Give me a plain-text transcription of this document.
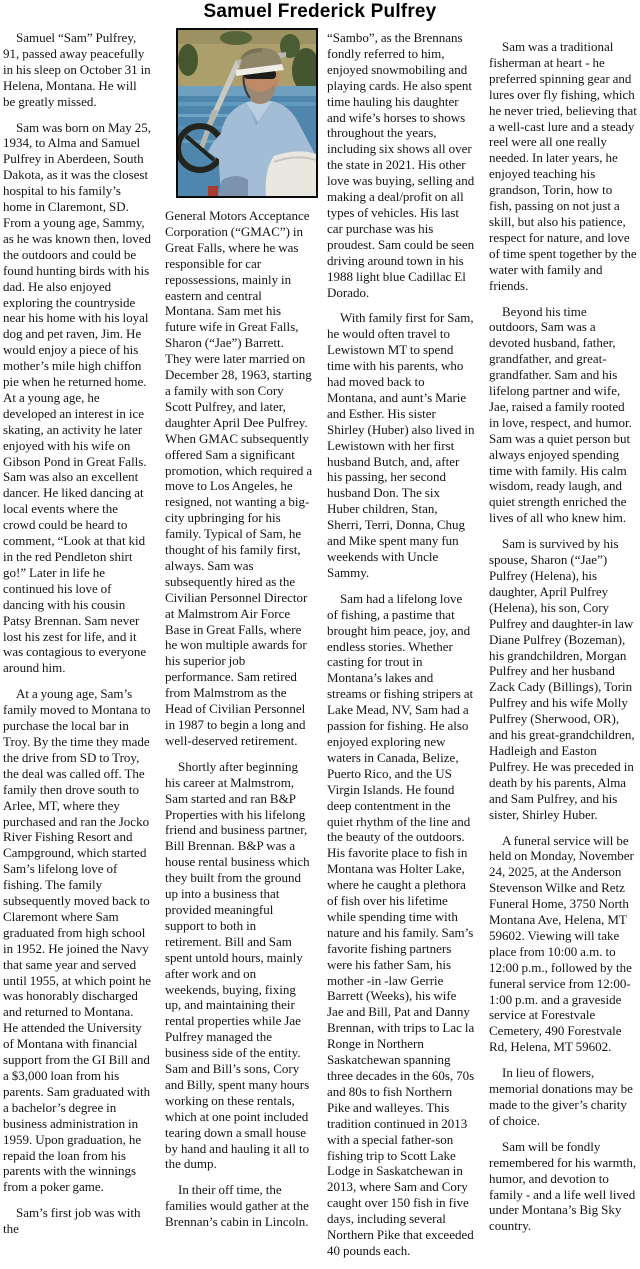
Samuel Frederick Pulfrey

Samuel “Sam” Pulfrey, 91, passed away peacefully in his sleep on October 31 in Helena, Montana. He will be greatly missed.

Sam was born on May 25, 1934, to Alma and Samuel Pulfrey in Aberdeen, South Dakota, as it was the closest hospital to his family’s home in Claremont, SD. From a young age, Sammy, as he was known then, loved the outdoors and could be found hunting birds with his dad. He also enjoyed exploring the countryside near his home with his loyal dog and pet raven, Jim. He would enjoy a piece of his mother’s mile high chiffon pie when he returned home. At a young age, he developed an interest in ice skating, an activity he later enjoyed with his wife on Gibson Pond in Great Falls. Sam was also an excellent dancer. He liked dancing at local events where the crowd could be heard to comment, “Look at that kid in the red Pendleton shirt go!” Later in life he continued his love of dancing with his cousin Patsy Brennan. Sam never lost his zest for life, and it was contagious to everyone around him.

At a young age, Sam’s family moved to Montana to purchase the local bar in Troy. By the time they made the drive from SD to Troy, the deal was called off. The family then drove south to Arlee, MT, where they purchased and ran the Jocko River Fishing Resort and Campground, which started Sam’s lifelong love of fishing. The family subsequently moved back to Claremont where Sam graduated from high school in 1952. He joined the Navy that same year and served until 1955, at which point he was honorably discharged and returned to Montana. He attended the University of Montana with financial support from the GI Bill and a $3,000 loan from his parents. Sam graduated with a bachelor’s degree in business administration in 1959. Upon graduation, he repaid the loan from his parents with the winnings from a poker game.

Sam’s first job was with the

General Motors Acceptance Corporation (“GMAC”) in Great Falls, where he was responsible for car repossessions, mainly in eastern and central Montana. Sam met his future wife in Great Falls, Sharon (“Jae”) Barrett. They were later married on December 28, 1963, starting a family with son Cory Scott Pulfrey, and later, daughter April Dee Pulfrey. When GMAC subsequently offered Sam a significant promotion, which required a move to Los Angeles, he resigned, not wanting a big-city upbringing for his family. Typical of Sam, he thought of his family first, always. Sam was subsequently hired as the Civilian Personnel Director at Malmstrom Air Force Base in Great Falls, where he won multiple awards for his superior job performance. Sam retired from Malmstrom as the Head of Civilian Personnel in 1987 to begin a long and well-deserved retirement.

Shortly after beginning his career at Malmstrom, Sam started and ran B&P Properties with his lifelong friend and business partner, Bill Brennan. B&P was a house rental business which they built from the ground up into a business that provided meaningful support to both in retirement. Bill and Sam spent untold hours, mainly after work and on weekends, buying, fixing up, and maintaining their rental properties while Jae Pulfrey managed the business side of the entity. Sam and Bill’s sons, Cory and Billy, spent many hours working on these rentals, which at one point included tearing down a small house by hand and hauling it all to the dump.

In their off time, the families would gather at the Brennan’s cabin in Lincoln.

“Sambo”, as the Brennans fondly referred to him, enjoyed snowmobiling and playing cards. He also spent time hauling his daughter and wife’s horses to shows throughout the years, including six shows all over the state in 2021. His other love was buying, selling and making a deal/profit on all types of vehicles. His last car purchase was his proudest. Sam could be seen driving around town in his 1988 light blue Cadillac El Dorado.

With family first for Sam, he would often travel to Lewistown MT to spend time with his parents, who had moved back to Montana, and aunt’s Marie and Esther. His sister Shirley (Huber) also lived in Lewistown with her first husband Butch, and, after his passing, her second husband Don. The six Huber children, Stan, Sherri, Terri, Donna, Chug and Mike spent many fun weekends with Uncle Sammy.

Sam had a lifelong love of fishing, a pastime that brought him peace, joy, and endless stories. Whether casting for trout in Montana’s lakes and streams or fishing stripers at Lake Mead, NV, Sam had a passion for fishing. He also enjoyed exploring new waters in Canada, Belize, Puerto Rico, and the US Virgin Islands. He found deep contentment in the quiet rhythm of the line and the beauty of the outdoors. His favorite place to fish in Montana was Holter Lake, where he caught a plethora of fish over his lifetime while spending time with nature and his family. Sam’s favorite fishing partners were his father Sam, his mother -in -law Gerrie Barrett (Weeks), his wife Jae and Bill, Pat and Danny Brennan, with trips to Lac la Ronge in Northern Saskatchewan spanning three decades in the 60s, 70s and 80s to fish Northern Pike and walleyes. This tradition continued in 2013 with a special father-son fishing trip to Scott Lake Lodge in Saskatchewan in 2013, where Sam and Cory caught over 150 fish in five days, including several Northern Pike that exceeded 40 pounds each.

Sam was a traditional fisherman at heart - he preferred spinning gear and lures over fly fishing, which he never tried, believing that a well-cast lure and a steady reel were all one really needed. In later years, he enjoyed teaching his grandson, Torin, how to fish, passing on not just a skill, but also his patience, respect for nature, and love of time spent together by the water with family and friends.

Beyond his time outdoors, Sam was a devoted husband, father, grandfather, and great-grandfather. Sam and his lifelong partner and wife, Jae, raised a family rooted in love, respect, and humor. Sam was a quiet person but always enjoyed spending time with family. His calm wisdom, ready laugh, and quiet strength enriched the lives of all who knew him.

Sam is survived by his spouse, Sharon (“Jae”) Pulfrey (Helena), his daughter, April Pulfrey (Helena), his son, Cory Pulfrey and daughter-in law Diane Pulfrey (Bozeman), his grandchildren, Morgan Pulfrey and her husband Zack Cady (Billings), Torin Pulfrey and his wife Molly Pulfrey (Sherwood, OR), and his great-grandchildren, Hadleigh and Easton Pulfrey. He was preceded in death by his parents, Alma and Sam Pulfrey, and his sister, Shirley Huber.

A funeral service will be held on Monday, November 24, 2025, at the Anderson Stevenson Wilke and Retz Funeral Home, 3750 North Montana Ave, Helena, MT 59602. Viewing will take place from 10:00 a.m. to 12:00 p.m., followed by the funeral service from 12:00-1:00 p.m. and a graveside service at Forestvale Cemetery, 490 Forestvale Rd, Helena, MT 59602.

In lieu of flowers, memorial donations may be made to the giver’s charity of choice.

Sam will be fondly remembered for his warmth, humor, and devotion to family - and a life well lived under Montana’s Big Sky country.
